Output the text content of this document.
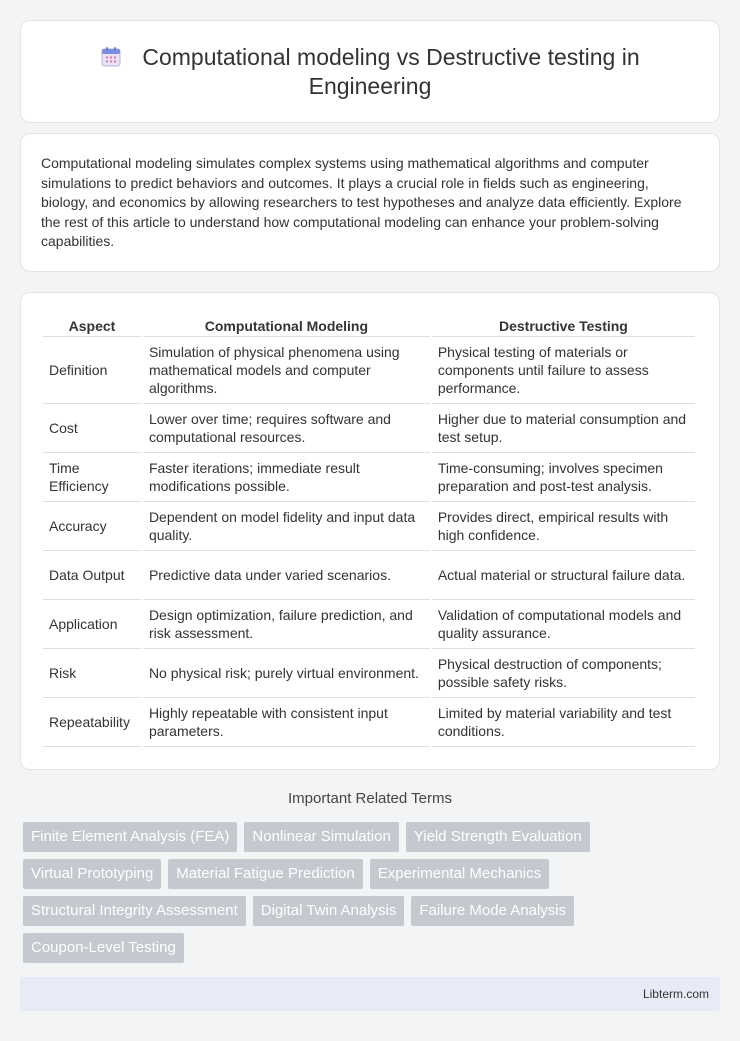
Computational modeling vs Destructive testing in Engineering

Computational modeling simulates complex systems using mathematical algorithms and computer simulations to predict behaviors and outcomes. It plays a crucial role in fields such as engineering, biology, and economics by allowing researchers to test hypotheses and analyze data efficiently. Explore the rest of this article to understand how computational modeling can enhance your problem-solving capabilities.

Aspect	Computational Modeling	Destructive Testing
Definition	Simulation of physical phenomena using mathematical models and computer algorithms.	Physical testing of materials or components until failure to assess performance.
Cost	Lower over time; requires software and computational resources.	Higher due to material consumption and test setup.
Time Efficiency	Faster iterations; immediate result modifications possible.	Time-consuming; involves specimen preparation and post-test analysis.
Accuracy	Dependent on model fidelity and input data quality.	Provides direct, empirical results with high confidence.
Data Output	Predictive data under varied scenarios.	Actual material or structural failure data.
Application	Design optimization, failure prediction, and risk assessment.	Validation of computational models and quality assurance.
Risk	No physical risk; purely virtual environment.	Physical destruction of components; possible safety risks.
Repeatability	Highly repeatable with consistent input parameters.	Limited by material variability and test conditions.
Important Related Terms
Finite Element Analysis (FEA)	Nonlinear Simulation	Yield Strength Evaluation
Virtual Prototyping	Material Fatigue Prediction	Experimental Mechanics
Structural Integrity Assessment	Digital Twin Analysis	Failure Mode Analysis
Coupon-Level Testing
Libterm.com
